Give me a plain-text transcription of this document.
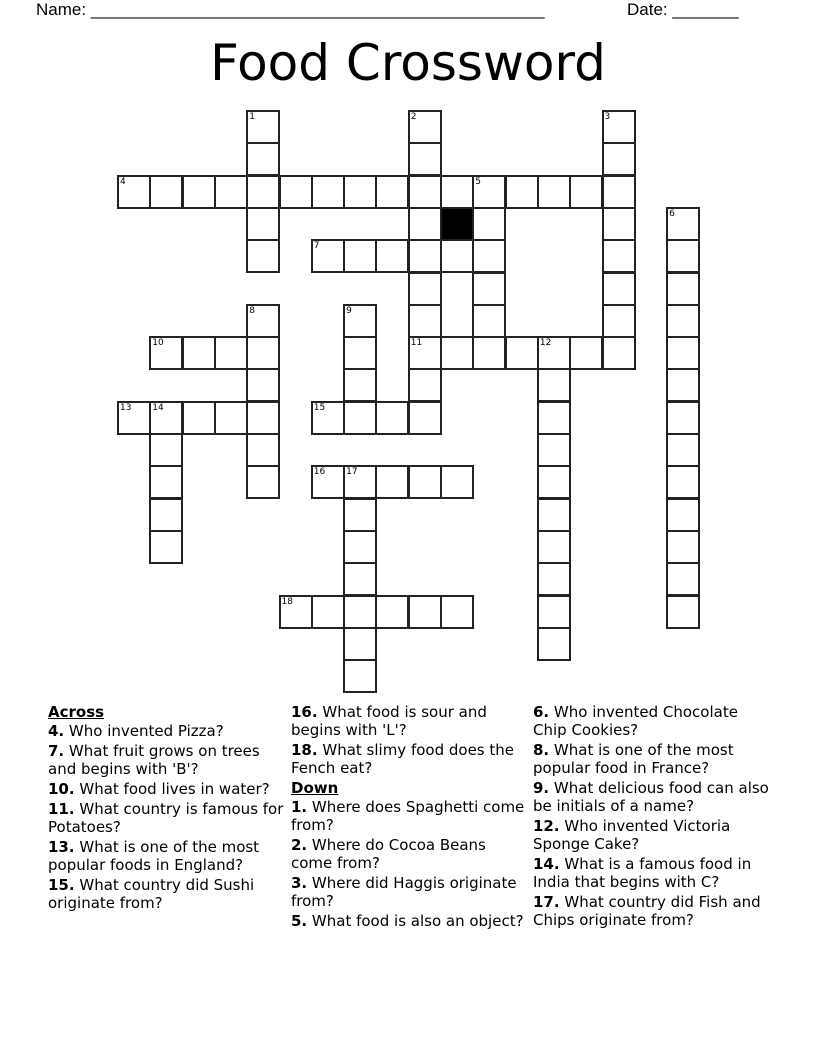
Name: ________________________________________________	Date: _______
Food Crossword
1	2
11
3
4	5
6
7
8	9
10	12
13 14	15
16 17
18
Across
4. Who invented Pizza?
7. What fruit grows on trees and begins with 'B'?
10. What food lives in water?
11. What country is famous for Potatoes?
13. What is one of the most popular foods in England?
15. What country did Sushi originate from?
16. What food is sour and begins with 'L'?
18. What slimy food does the Fench eat?
Down
1. Where does Spaghetti come from?
2. Where do Cocoa Beans come from?
3. Where did Haggis originate from?
5. What food is also an object?
6. Who invented Chocolate Chip Cookies?
8. What is one of the most popular food in France?
9. What delicious food can also be initials of a name?
12. Who invented Victoria Sponge Cake?
14. What is a famous food in India that begins with C?
17. What country did Fish and Chips originate from?
